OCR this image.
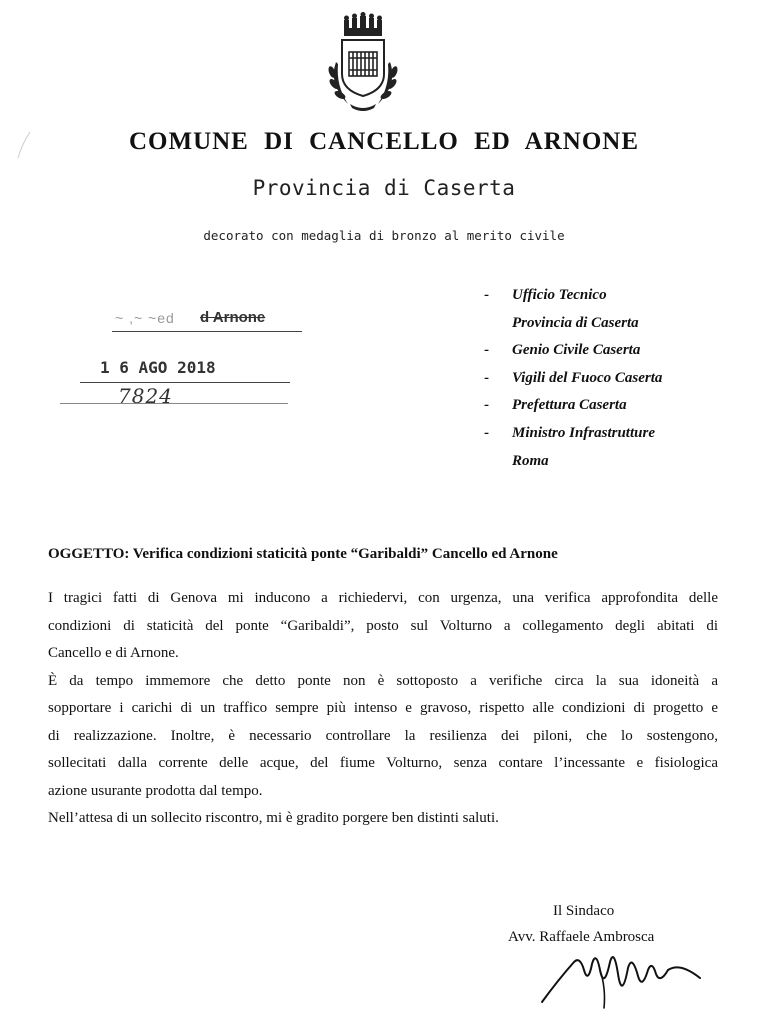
COMUNE DI CANCELLO ED ARNONE
Provincia di Caserta
decorato con medaglia di bronzo al merito civile
~ ,~ ~ed d Arnone
1 6 AGO 2018
7824
-	Ufficio Tecnico
Provincia di Caserta
-	Genio Civile Caserta
-	Vigili del Fuoco Caserta
-	Prefettura Caserta
-	Ministro Infrastrutture
Roma
OGGETTO: Verifica condizioni staticità ponte “Garibaldi” Cancello ed Arnone
I tragici fatti di Genova mi inducono a richiedervi, con urgenza, una verifica approfondita delle
condizioni di staticità del ponte “Garibaldi”, posto sul Volturno a collegamento degli abitati di
Cancello e di Arnone.
È da tempo immemore che detto ponte non è sottoposto a verifiche circa la sua idoneità a
sopportare i carichi di un traffico sempre più intenso e gravoso, rispetto alle condizioni di progetto e
di realizzazione. Inoltre, è necessario controllare la resilienza dei piloni, che lo sostengono,
sollecitati dalla corrente delle acque, del fiume Volturno, senza contare l’incessante e fisiologica
azione usurante prodotta dal tempo.
Nell’attesa di un sollecito riscontro, mi è gradito porgere ben distinti saluti.
Il Sindaco
Avv. Raffaele Ambrosca
